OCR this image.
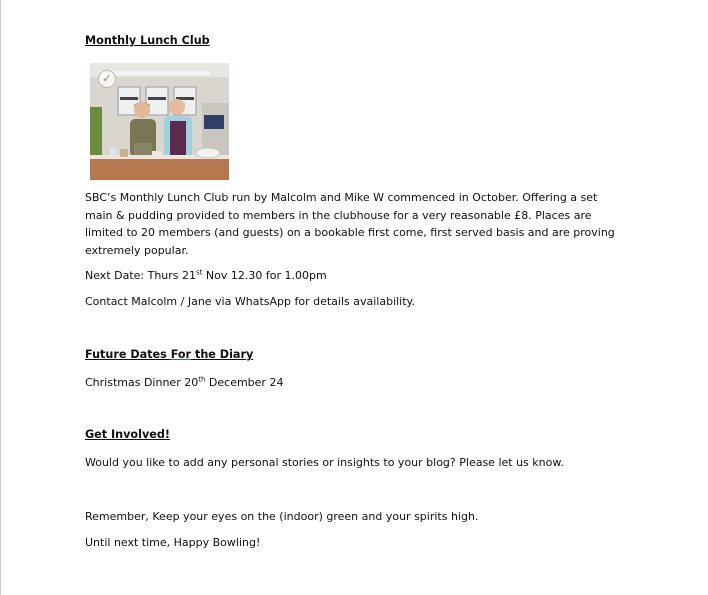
Monthly Lunch Club
✓
SBC’s Monthly Lunch Club run by Malcolm and Mike W commenced in October. Offering a set main & pudding provided to members in the clubhouse for a very reasonable £8. Places are limited to 20 members (and guests) on a bookable first come, first served basis and are proving extremely popular.
Next Date: Thurs 21st Nov 12.30 for 1.00pm
Contact Malcolm / Jane via WhatsApp for details availability.
Future Dates For the Diary
Christmas Dinner 20th December 24
Get Involved!
Would you like to add any personal stories or insights to your blog? Please let us know.
Remember, Keep your eyes on the (indoor) green and your spirits high.
Until next time, Happy Bowling!
